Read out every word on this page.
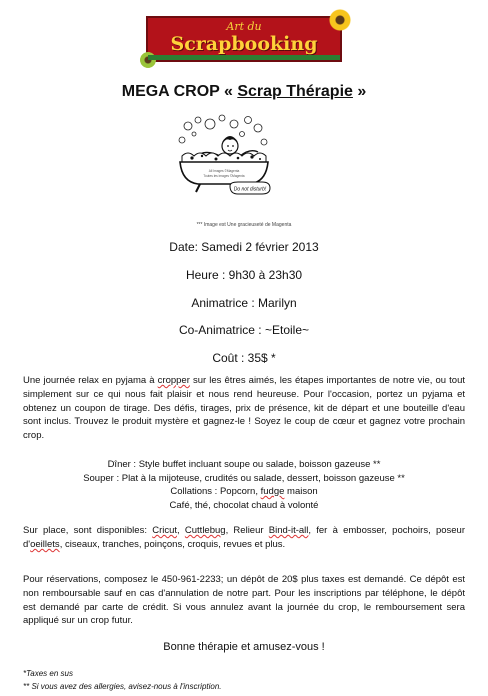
Art du
Scrapbooking
MEGA CROP « Scrap Thérapie »
All Images ©Magenta
Toutes les images ©Magenta
Do not disturb!
*** Image est Une gracieuseté de Magenta
Date: Samedi 2 février 2013
Heure : 9h30 à 23h30
Animatrice : Marilyn
Co-Animatrice : ~Etoile~
Coût : 35$ *
Une journée relax en pyjama à cropper sur les êtres aimés, les étapes importantes de notre vie, ou tout simplement sur ce qui nous fait plaisir et nous rend heureuse. Pour l'occasion, portez un pyjama et obtenez un coupon de tirage. Des défis, tirages, prix de présence, kit de départ et une bouteille d'eau sont inclus. Trouvez le produit mystère et gagnez-le ! Soyez le coup de cœur et gagnez votre prochain crop.
Dîner : Style buffet incluant soupe ou salade, boisson gazeuse **
Souper : Plat à la mijoteuse, crudités ou salade, dessert, boisson gazeuse **
Collations : Popcorn, fudge maison
Café, thé, chocolat chaud à volonté
Sur place, sont disponibles: Cricut, Cuttlebug, Relieur Bind-it-all, fer à embosser, pochoirs, poseur d'oeillets, ciseaux, tranches, poinçons, croquis, revues et plus.
Pour réservations, composez le 450-961-2233; un dépôt de 20$ plus taxes est demandé. Ce dépôt est non remboursable sauf en cas d'annulation de notre part. Pour les inscriptions par téléphone, le dépôt est demandé par carte de crédit. Si vous annulez avant la journée du crop, le remboursement sera appliqué sur un crop futur.
Bonne thérapie et amusez-vous !
*Taxes en sus
** Si vous avez des allergies, avisez-nous à l'inscription.
